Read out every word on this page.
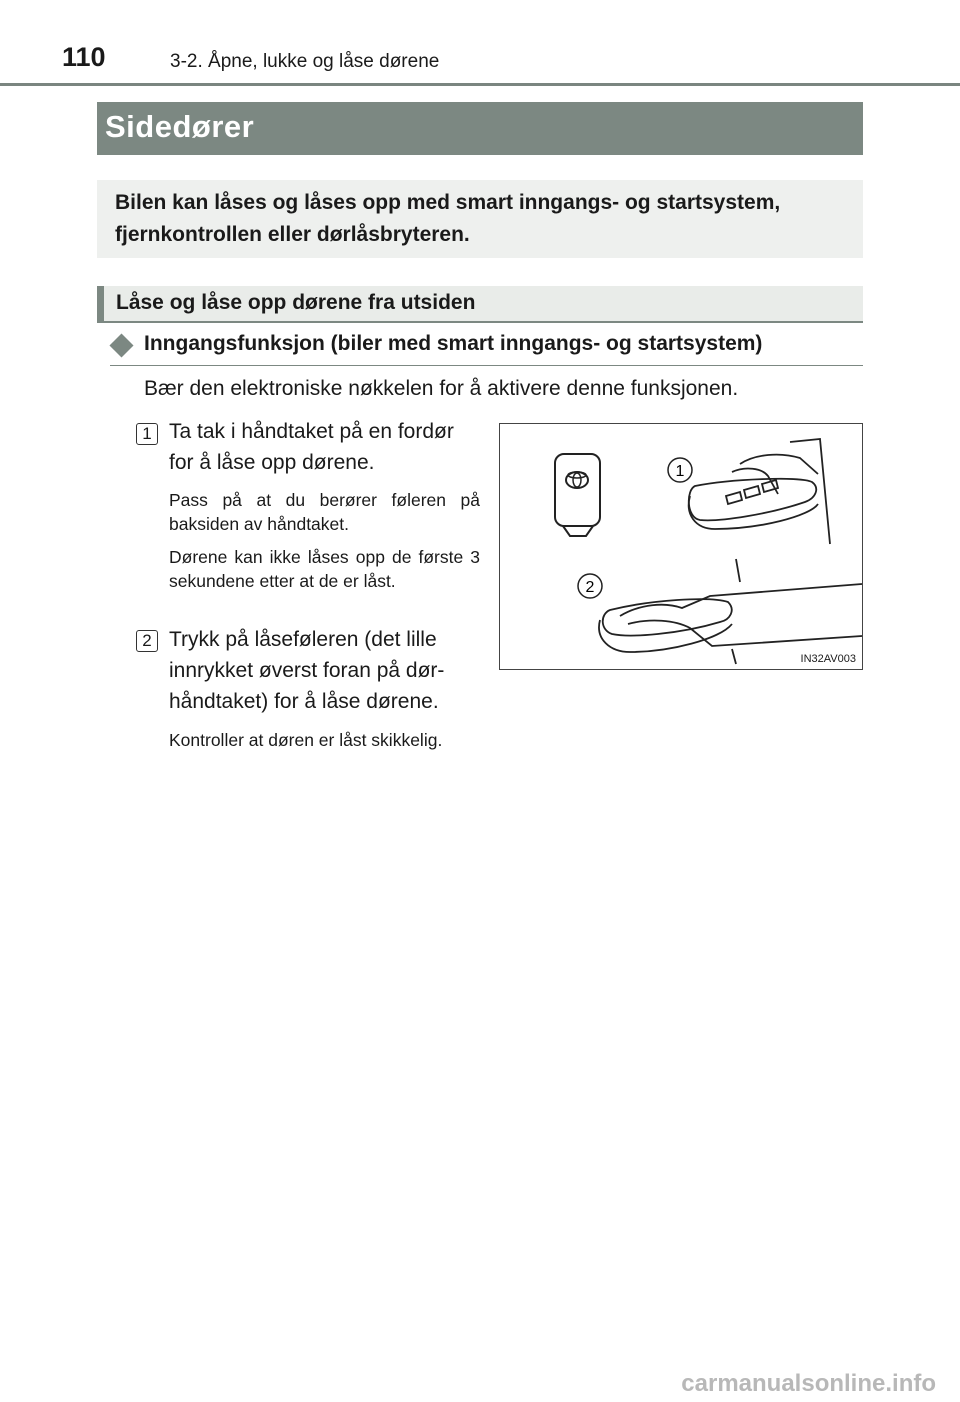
110	3-2. Åpne, lukke og låse dørene
Sidedører
Bilen kan låses og låses opp med smart inngangs- og startsystem, fjernkontrollen eller dørlåsbryteren.
Låse og låse opp dørene fra utsiden
Inngangsfunksjon (biler med smart inngangs- og startsystem)
Bær den elektroniske nøkkelen for å aktivere denne funksjonen.
1 Ta tak i håndtaket på en fordør
for å låse opp dørene.
Pass på at du berører føleren på baksiden av håndtaket.
Dørene kan ikke låses opp de første 3 sekundene etter at de er låst.
2 Trykk på låseføleren (det lille
innrykket øverst foran på dør-
håndtaket) for å låse dørene.
Kontroller at døren er låst skikkelig.
1
2
IN32AV003
carmanualsonline.info
